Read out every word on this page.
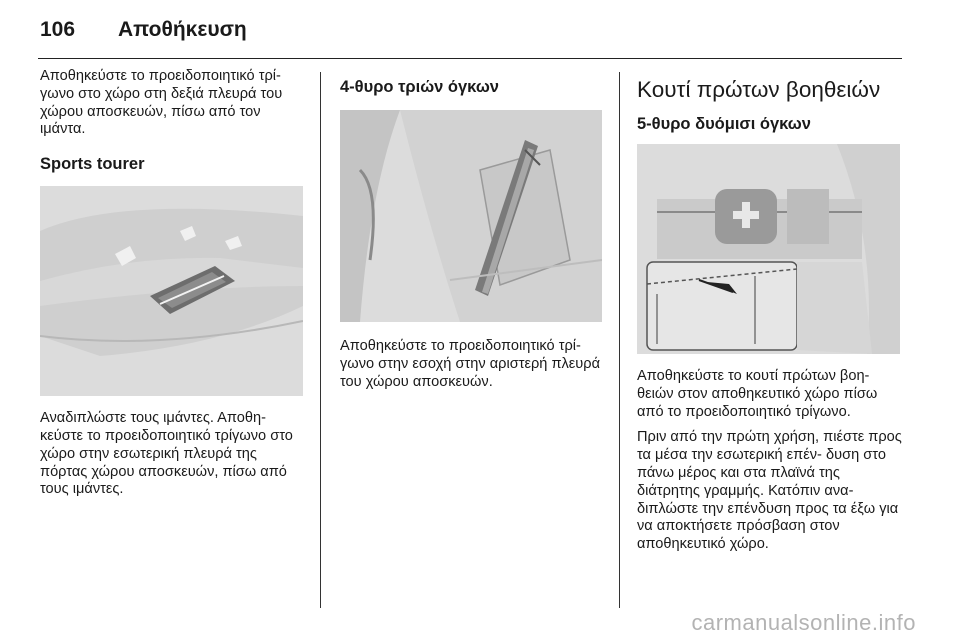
106 Αποθήκευση

Αποθηκεύστε το προειδοποιητικό τρί- γωνο στο χώρο στη δεξιά πλευρά του χώρου αποσκευών, πίσω από τον ιμάντα.

Sports tourer

Αναδιπλώστε τους ιμάντες. Αποθη- κεύστε το προειδοποιητικό τρίγωνο στο χώρο στην εσωτερική πλευρά της πόρτας χώρου αποσκευών, πίσω από τους ιμάντες.

4-θυρο τριών όγκων

Αποθηκεύστε το προειδοποιητικό τρί- γωνο στην εσοχή στην αριστερή πλευρά του χώρου αποσκευών.

Κουτί πρώτων βοηθειών
5-θυρο δυόμισι όγκων

Αποθηκεύστε το κουτί πρώτων βοη- θειών στον αποθηκευτικό χώρο πίσω από το προειδοποιητικό τρίγωνο.

Πριν από την πρώτη χρήση, πιέστε προς τα μέσα την εσωτερική επέν- δυση στο πάνω μέρος και στα πλαϊνά της διάτρητης γραμμής. Κατόπιν ανα- διπλώστε την επένδυση προς τα έξω για να αποκτήσετε πρόσβαση στον αποθηκευτικό χώρο.

carmanualsonline.info
